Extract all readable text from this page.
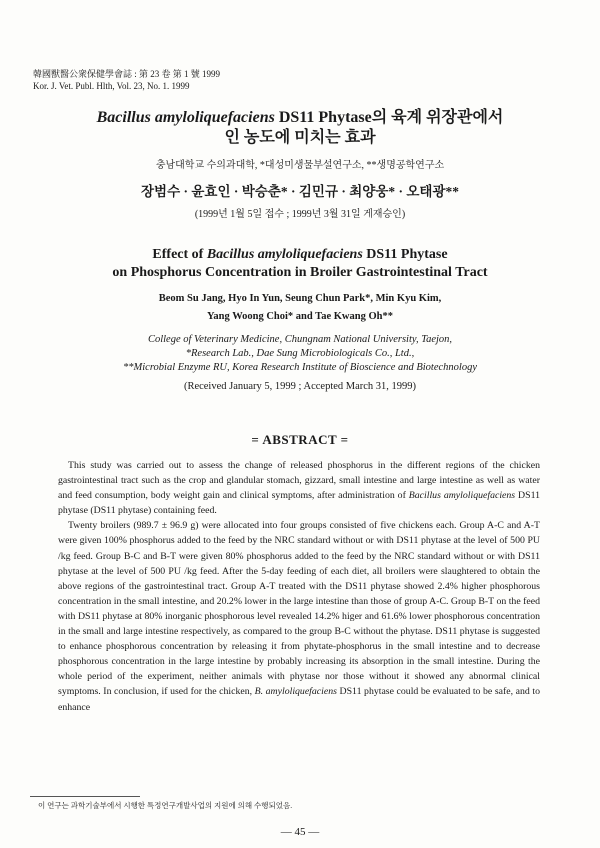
韓國獸醫公衆保健學會誌 : 第 23 卷 第 1 號 1999
Kor. J. Vet. Publ. Hlth, Vol. 23, No. 1. 1999
Bacillus amyloliquefaciens DS11 Phytase의 육계 위장관에서
인 농도에 미치는 효과
충남대학교 수의과대학, *대성미생물부설연구소, **생명공학연구소
장범수 · 윤효인 · 박승춘* · 김민규 · 최양웅* · 오태광**
(1999년 1월 5일 접수 ; 1999년 3월 31일 게재승인)
Effect of Bacillus amyloliquefaciens DS11 Phytase
on Phosphorus Concentration in Broiler Gastrointestinal Tract
Beom Su Jang, Hyo In Yun, Seung Chun Park*, Min Kyu Kim,
Yang Woong Choi* and Tae Kwang Oh**
College of Veterinary Medicine, Chungnam National University, Taejon,
*Research Lab., Dae Sung Microbiologicals Co., Ltd.,
**Microbial Enzyme RU, Korea Research Institute of Bioscience and Biotechnology
(Received January 5, 1999 ; Accepted March 31, 1999)
= ABSTRACT =

This study was carried out to assess the change of released phosphorus in the different regions of the chicken gastrointestinal tract such as the crop and glandular stomach, gizzard, small intestine and large intestine as well as water and feed consumption, body weight gain and clinical symptoms, after administration of Bacillus amyloliquefaciens DS11 phytase (DS11 phytase) containing feed.

Twenty broilers (989.7 ± 96.9 g) were allocated into four groups consisted of five chickens each. Group A-C and A-T were given 100% phosphorus added to the feed by the NRC standard without or with DS11 phytase at the level of 500 PU /kg feed. Group B-C and B-T were given 80% phosphorus added to the feed by the NRC standard without or with DS11 phytase at the level of 500 PU /kg feed. After the 5-day feeding of each diet, all broilers were slaughtered to obtain the above regions of the gastrointestinal tract. Group A-T treated with the DS11 phytase showed 2.4% higher phosphorous concentration in the small intestine, and 20.2% lower in the large intestine than those of group A-C. Group B-T on the feed with DS11 phytase at 80% inorganic phosphorous level revealed 14.2% higer and 61.6% lower phosphorous concentration in the small and large intestine respectively, as compared to the group B-C without the phytase. DS11 phytase is suggested to enhance phosphorous concentration by releasing it from phytate-phosphorus in the small intestine and to decrease phosphorous concentration in the large intestine by probably increasing its absorption in the small intestine. During the whole period of the experiment, neither animals with phytase nor those without it showed any abnormal clinical symptoms. In conclusion, if used for the chicken, B. amyloliquefaciens DS11 phytase could be evaluated to be safe, and to enhance

이 연구는 과학기술부에서 시행한 특정연구개발사업의 지원에 의해 수행되었음.
— 45 —
